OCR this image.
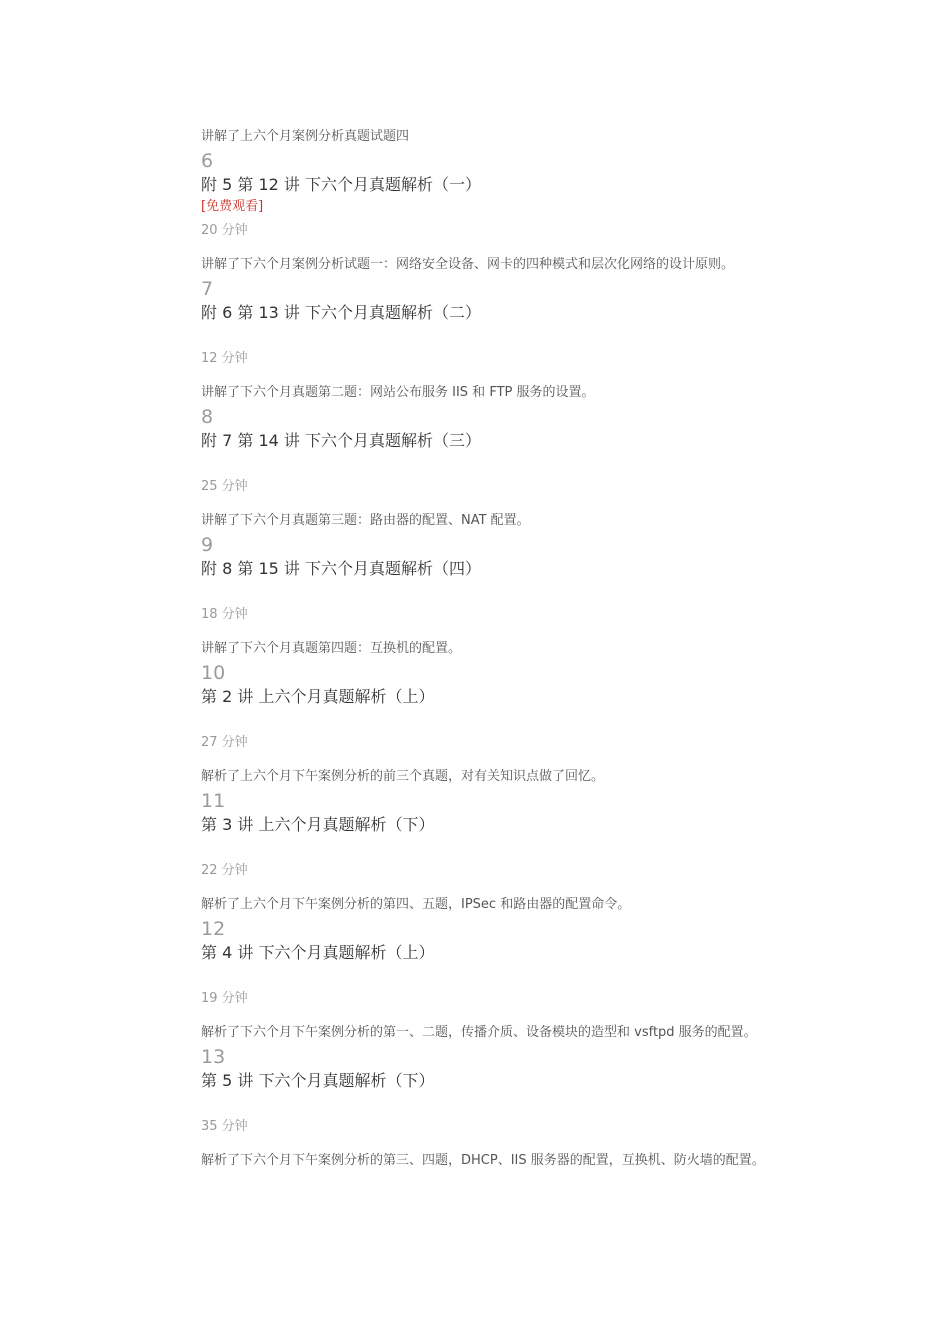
讲解了上六个月案例分析真题试题四
6
附 5 第 12 讲 下六个月真题解析（一）
[免费观看]
20 分钟
讲解了下六个月案例分析试题一：网络安全设备、网卡的四种模式和层次化网络的设计原则。
7
附 6 第 13 讲 下六个月真题解析（二）
12 分钟
讲解了下六个月真题第二题：网站公布服务 IIS 和 FTP 服务的设置。
8
附 7 第 14 讲 下六个月真题解析（三）
25 分钟
讲解了下六个月真题第三题：路由器的配置、NAT 配置。
9
附 8 第 15 讲 下六个月真题解析（四）
18 分钟
讲解了下六个月真题第四题：互换机的配置。
10
第 2 讲 上六个月真题解析（上）
27 分钟
解析了上六个月下午案例分析的前三个真题，对有关知识点做了回忆。
11
第 3 讲 上六个月真题解析（下）
22 分钟
解析了上六个月下午案例分析的第四、五题，IPSec 和路由器的配置命令。
12
第 4 讲 下六个月真题解析（上）
19 分钟
解析了下六个月下午案例分析的第一、二题，传播介质、设备模块的造型和 vsftpd 服务的配置。
13
第 5 讲 下六个月真题解析（下）
35 分钟
解析了下六个月下午案例分析的第三、四题，DHCP、IIS 服务器的配置，互换机、防火墙的配置。
